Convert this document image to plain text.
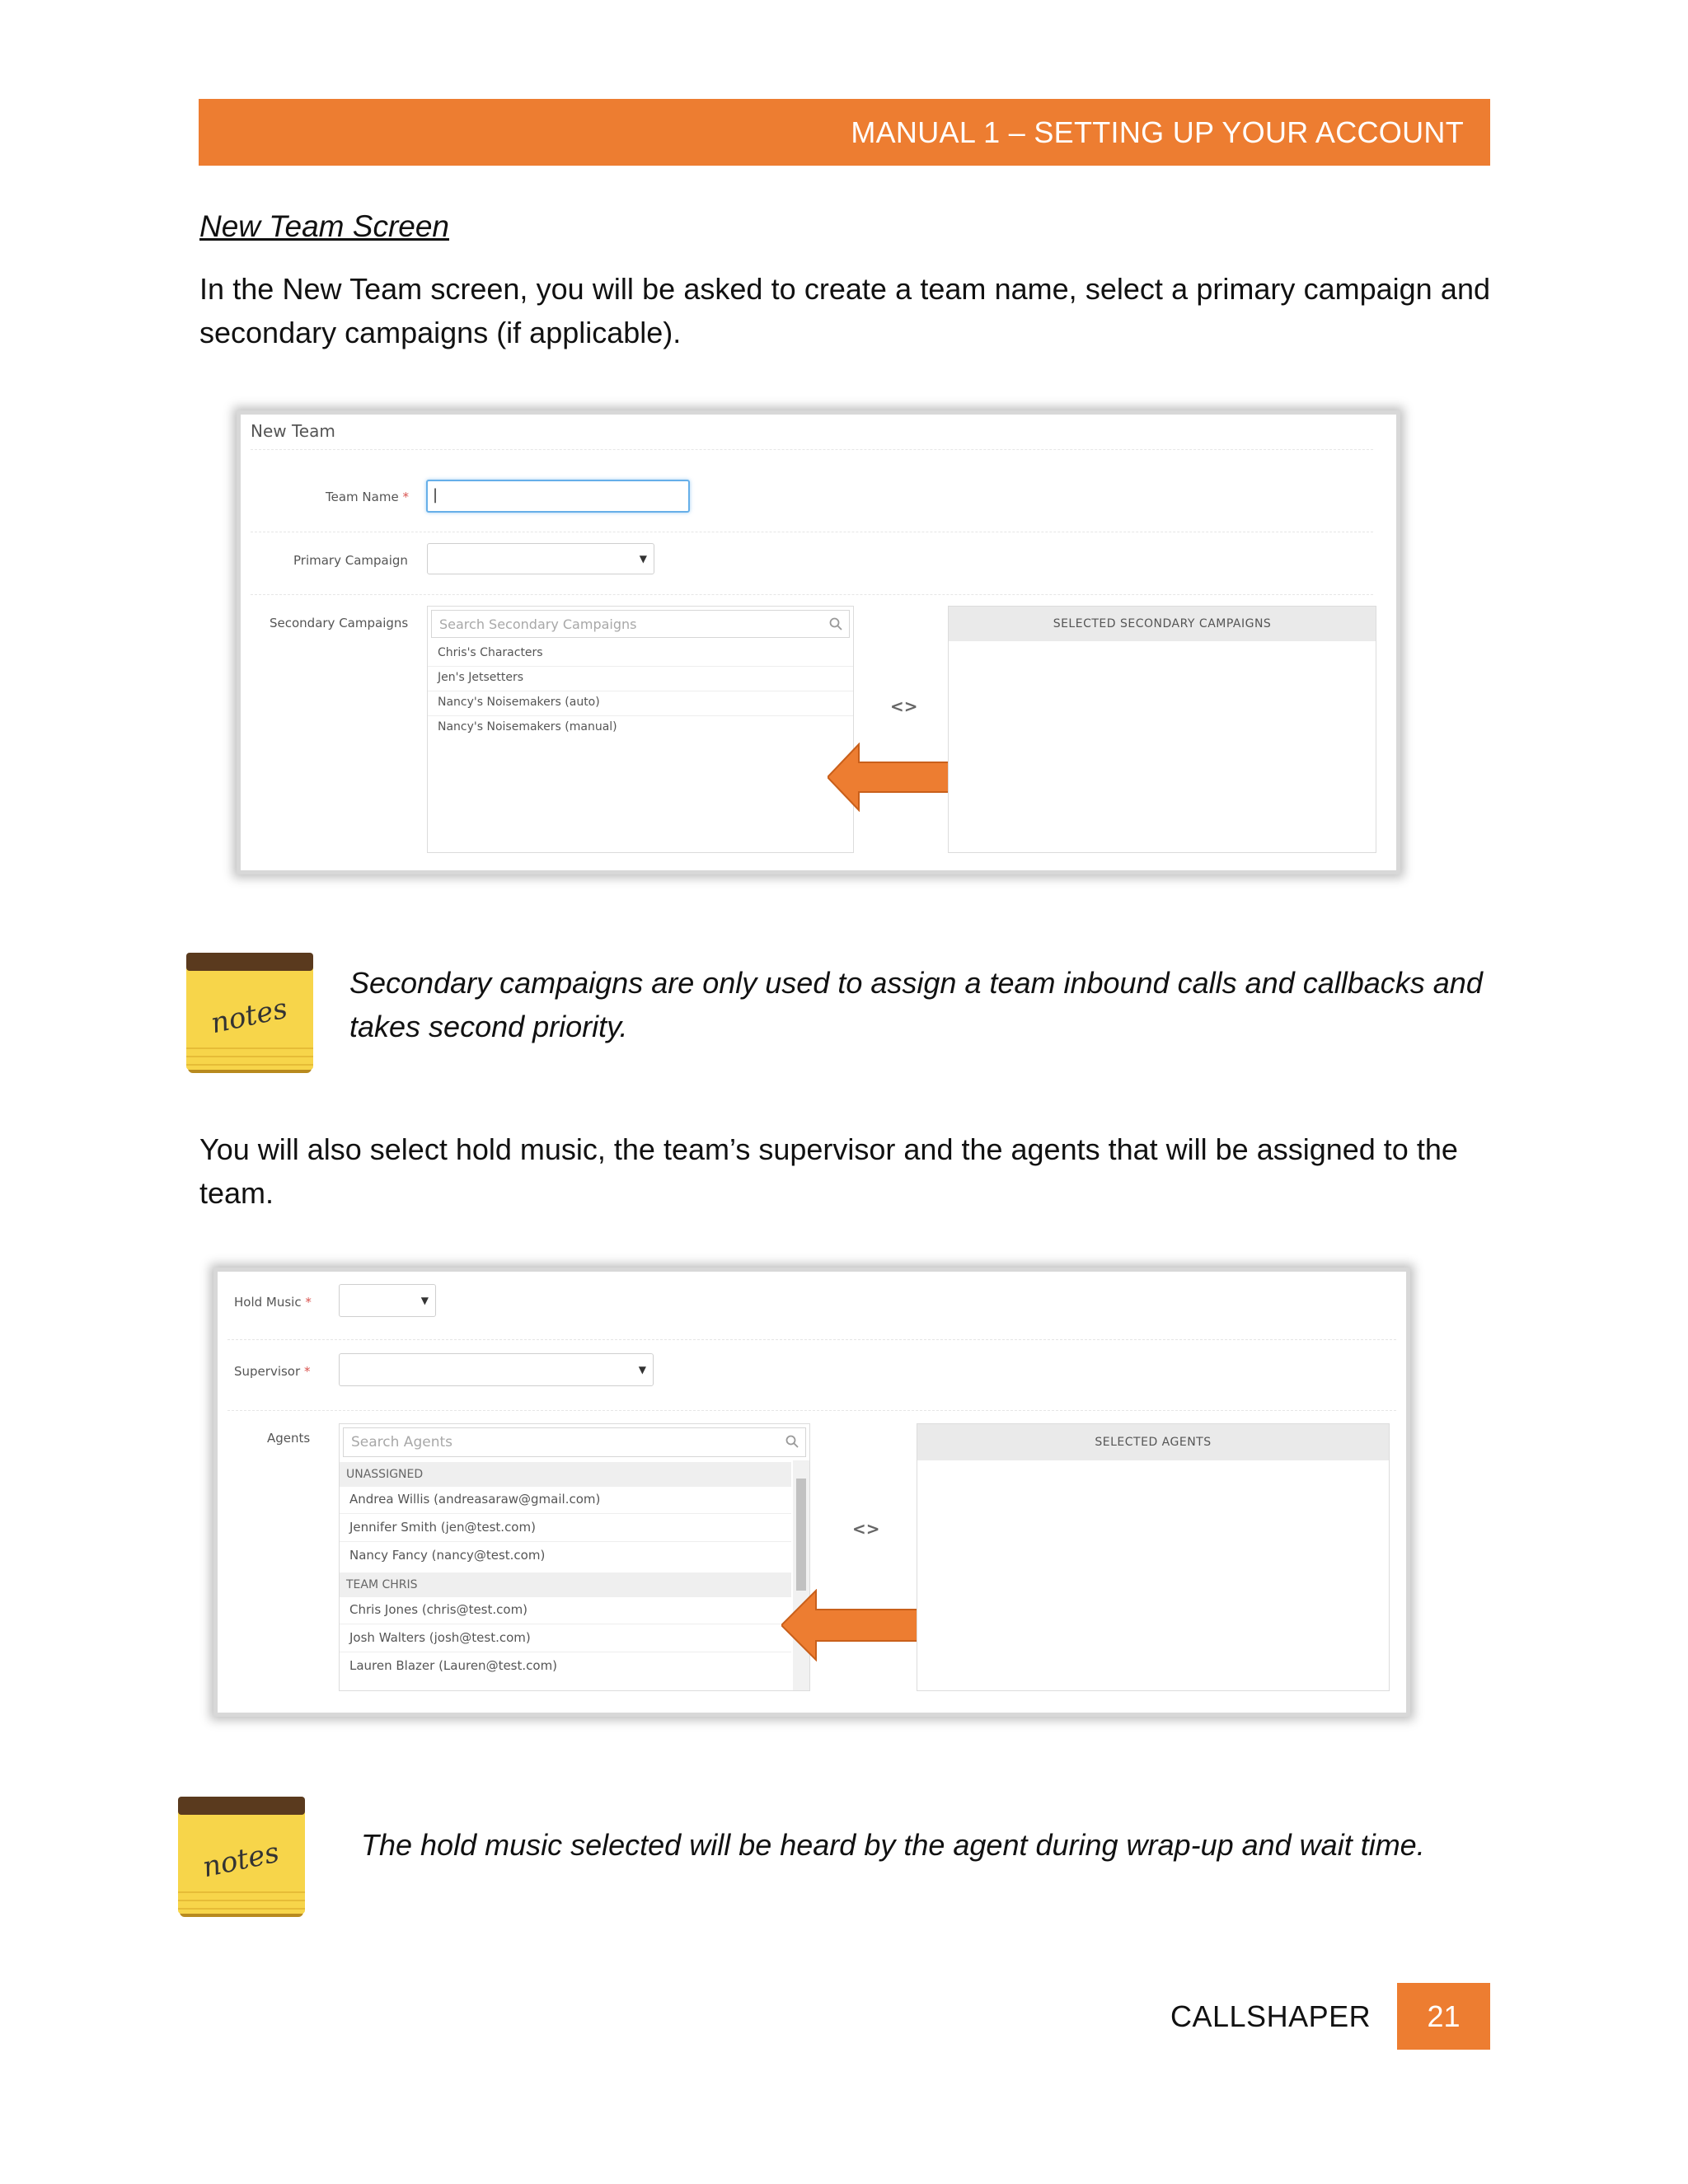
MANUAL 1 – SETTING UP YOUR ACCOUNT
New Team Screen
In the New Team screen, you will be asked to create a team name, select a primary campaign and secondary campaigns (if applicable).
New Team
Team Name * |
Primary Campaign	▼
Secondary Campaigns Search Secondary Campaigns
Chris's Characters
Jen's Jetsetters
Nancy's Noisemakers (auto)
Nancy's Noisemakers (manual)
<>
SELECTED SECONDARY CAMPAIGNS
notes
Secondary campaigns are only used to assign a team inbound calls and callbacks and takes second priority.
You will also select hold music, the team’s supervisor and the agents that will be assigned to the team.
Hold Music *	▼
Supervisor *	▼
Agents	Search Agents
UNASSIGNED
Andrea Willis (andreasaraw@gmail.com)
Jennifer Smith (jen@test.com)
Nancy Fancy (nancy@test.com)
TEAM CHRIS
Chris Jones (chris@test.com)
Josh Walters (josh@test.com)
Lauren Blazer (Lauren@test.com)
<>
SELECTED AGENTS
notes	The hold music selected will be heard by the agent during wrap-up and wait time.
CALLSHAPER	21
